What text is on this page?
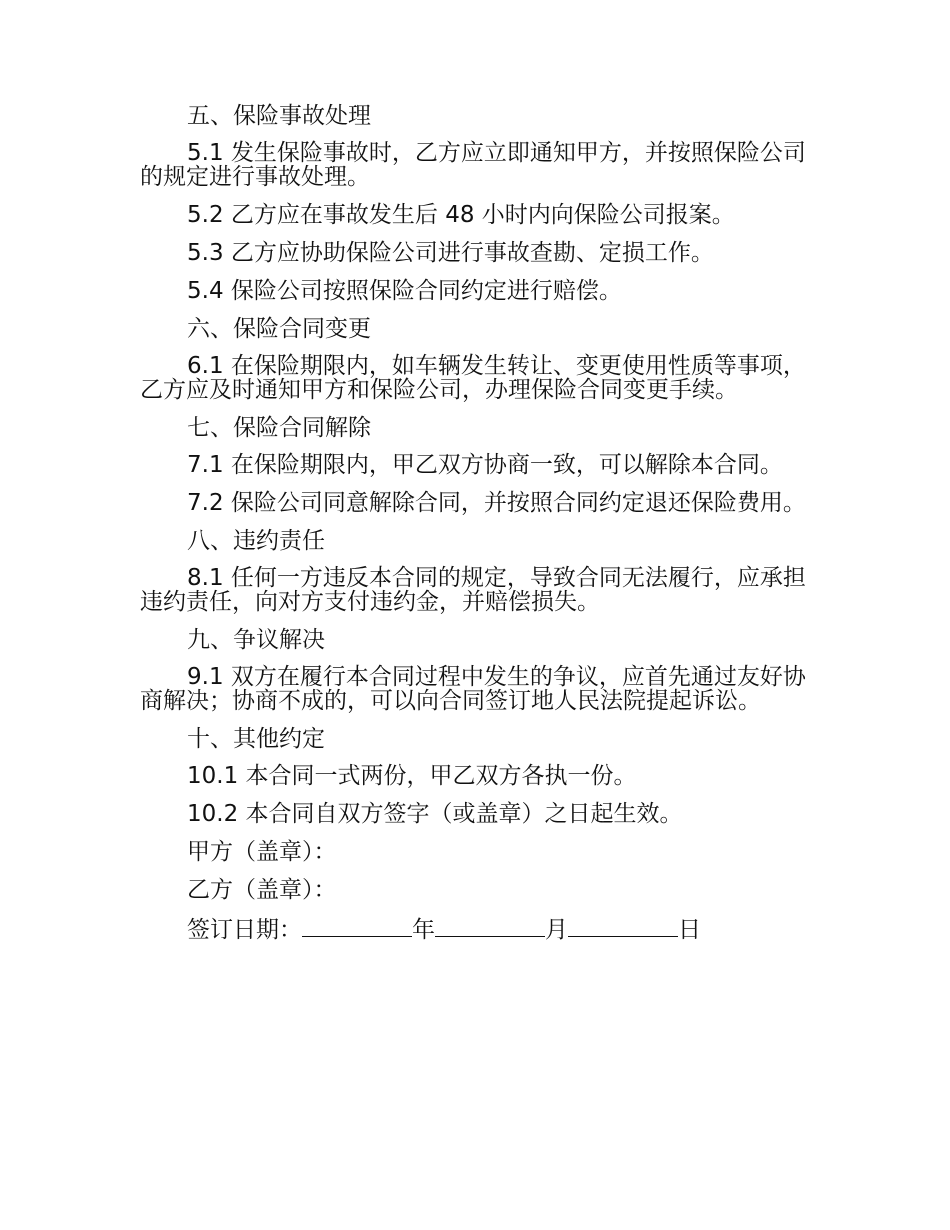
五、保险事故处理

5.1 发生保险事故时，乙方应立即通知甲方，并按照保险公司的规定进行事故处理。

5.2 乙方应在事故发生后 48 小时内向保险公司报案。

5.3 乙方应协助保险公司进行事故查勘、定损工作。

5.4 保险公司按照保险合同约定进行赔偿。

六、保险合同变更

6.1 在保险期限内，如车辆发生转让、变更使用性质等事项，乙方应及时通知甲方和保险公司，办理保险合同变更手续。

七、保险合同解除

7.1 在保险期限内，甲乙双方协商一致，可以解除本合同。

7.2 保险公司同意解除合同，并按照合同约定退还保险费用。

八、违约责任

8.1 任何一方违反本合同的规定，导致合同无法履行，应承担违约责任，向对方支付违约金，并赔偿损失。

九、争议解决

9.1 双方在履行本合同过程中发生的争议，应首先通过友好协商解决；协商不成的，可以向合同签订地人民法院提起诉讼。

十、其他约定

10.1 本合同一式两份，甲乙双方各执一份。

10.2 本合同自双方签字（或盖章）之日起生效。

甲方（盖章）：

乙方（盖章）：

签订日期：	年	月	日
